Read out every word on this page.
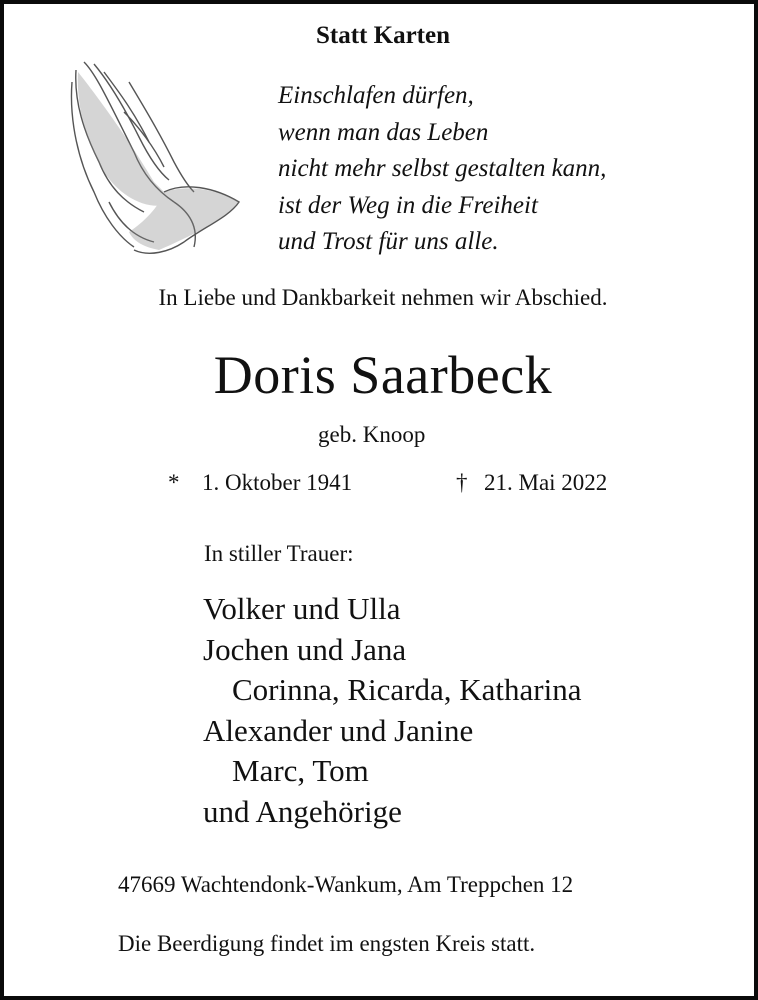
Statt Karten
Einschlafen dürfen,
wenn man das Leben
nicht mehr selbst gestalten kann,
ist der Weg in die Freiheit
und Trost für uns alle.
In Liebe und Dankbarkeit nehmen wir Abschied.
Doris Saarbeck
geb. Knoop
* 1. Oktober 1941	† 21. Mai 2022
In stiller Trauer:
Volker und Ulla
Jochen und Jana
Corinna, Ricarda, Katharina
Alexander und Janine
Marc, Tom
und Angehörige
47669 Wachtendonk-Wankum, Am Treppchen 12
Die Beerdigung findet im engsten Kreis statt.
